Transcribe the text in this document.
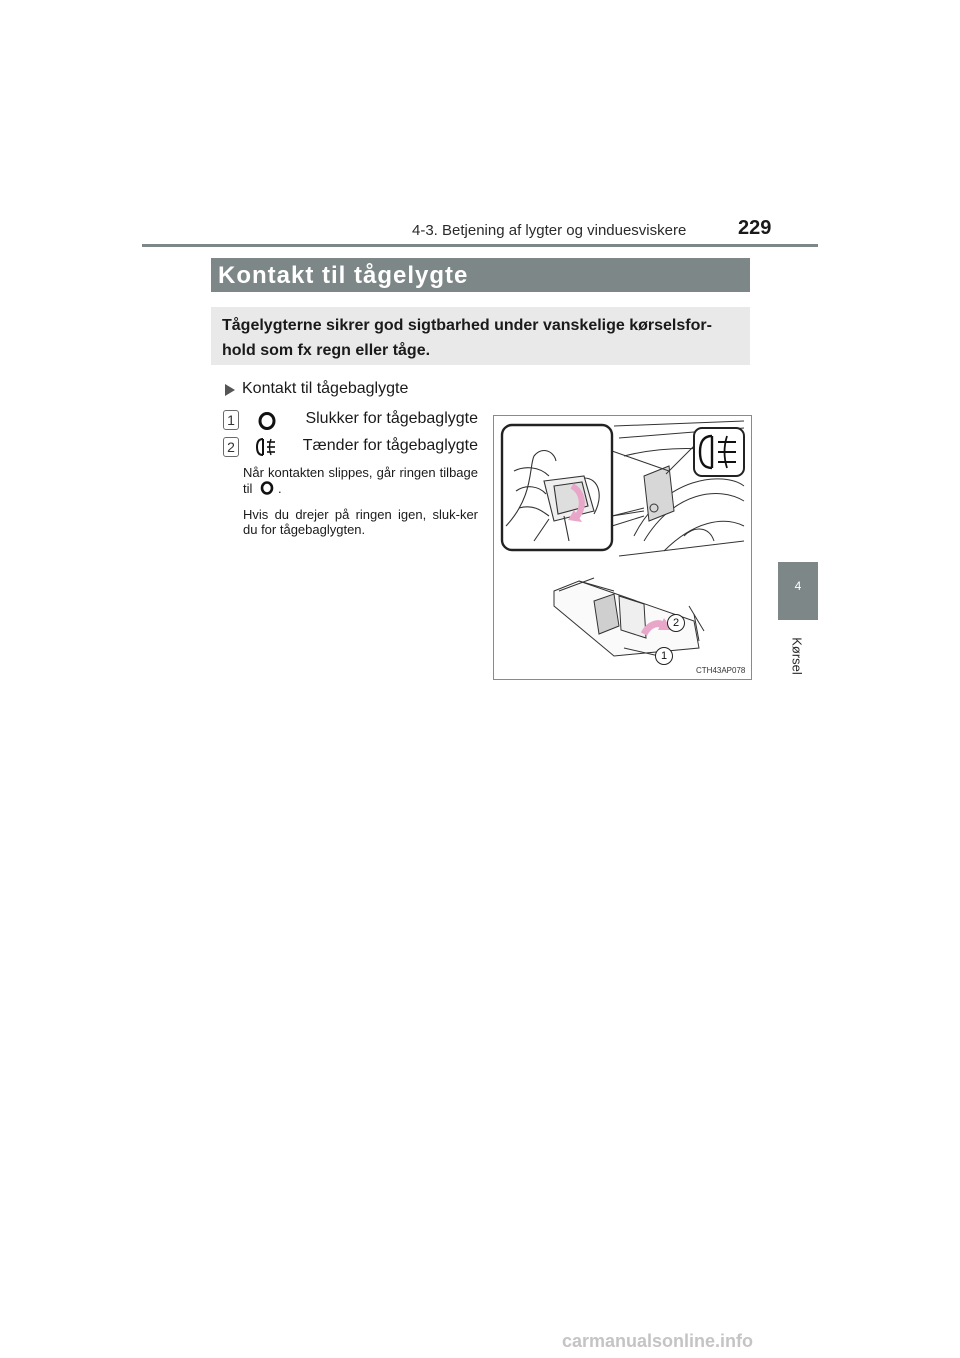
4-3. Betjening af lygter og vinduesviskere	229
4
Kørsel
Kontakt til tågelygte
Tågelygterne sikrer god sigtbarhed under vanskelige kørselsfor-hold som fx regn eller tåge.
Kontakt til tågebaglygte
1	Slukker for tågebaglygte
2	Tænder for tågebaglygte
Når kontakten slippes, går ringen tilbage til .
Hvis du drejer på ringen igen, sluk-ker du for tågebaglygten.
2
1
CTH43AP078
carmanualsonline.info
